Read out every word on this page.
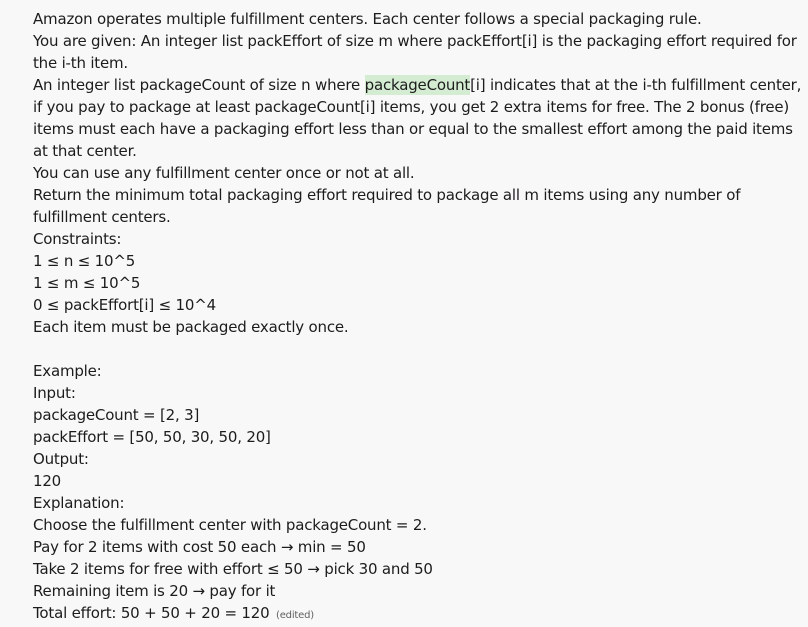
Amazon operates multiple fulfillment centers. Each center follows a special packaging rule.
You are given: An integer list packEffort of size m where packEffort[i] is the packaging effort required for the i-th item.
An integer list packageCount of size n where packageCount[i] indicates that at the i-th fulfillment center, if you pay to package at least packageCount[i] items, you get 2 extra items for free. The 2 bonus (free) items must each have a packaging effort less than or equal to the smallest effort among the paid items at that center.
You can use any fulfillment center once or not at all.
Return the minimum total packaging effort required to package all m items using any number of fulfillment centers.
Constraints:
1 ≤ n ≤ 10^5
1 ≤ m ≤ 10^5
0 ≤ packEffort[i] ≤ 10^4
Each item must be packaged exactly once.
Example:
Input:
packageCount = [2, 3]
packEffort = [50, 50, 30, 50, 20]
Output:
120
Explanation:
Choose the fulfillment center with packageCount = 2.
Pay for 2 items with cost 50 each → min = 50
Take 2 items for free with effort ≤ 50 → pick 30 and 50
Remaining item is 20 → pay for it
Total effort: 50 + 50 + 20 = 120 (edited)
